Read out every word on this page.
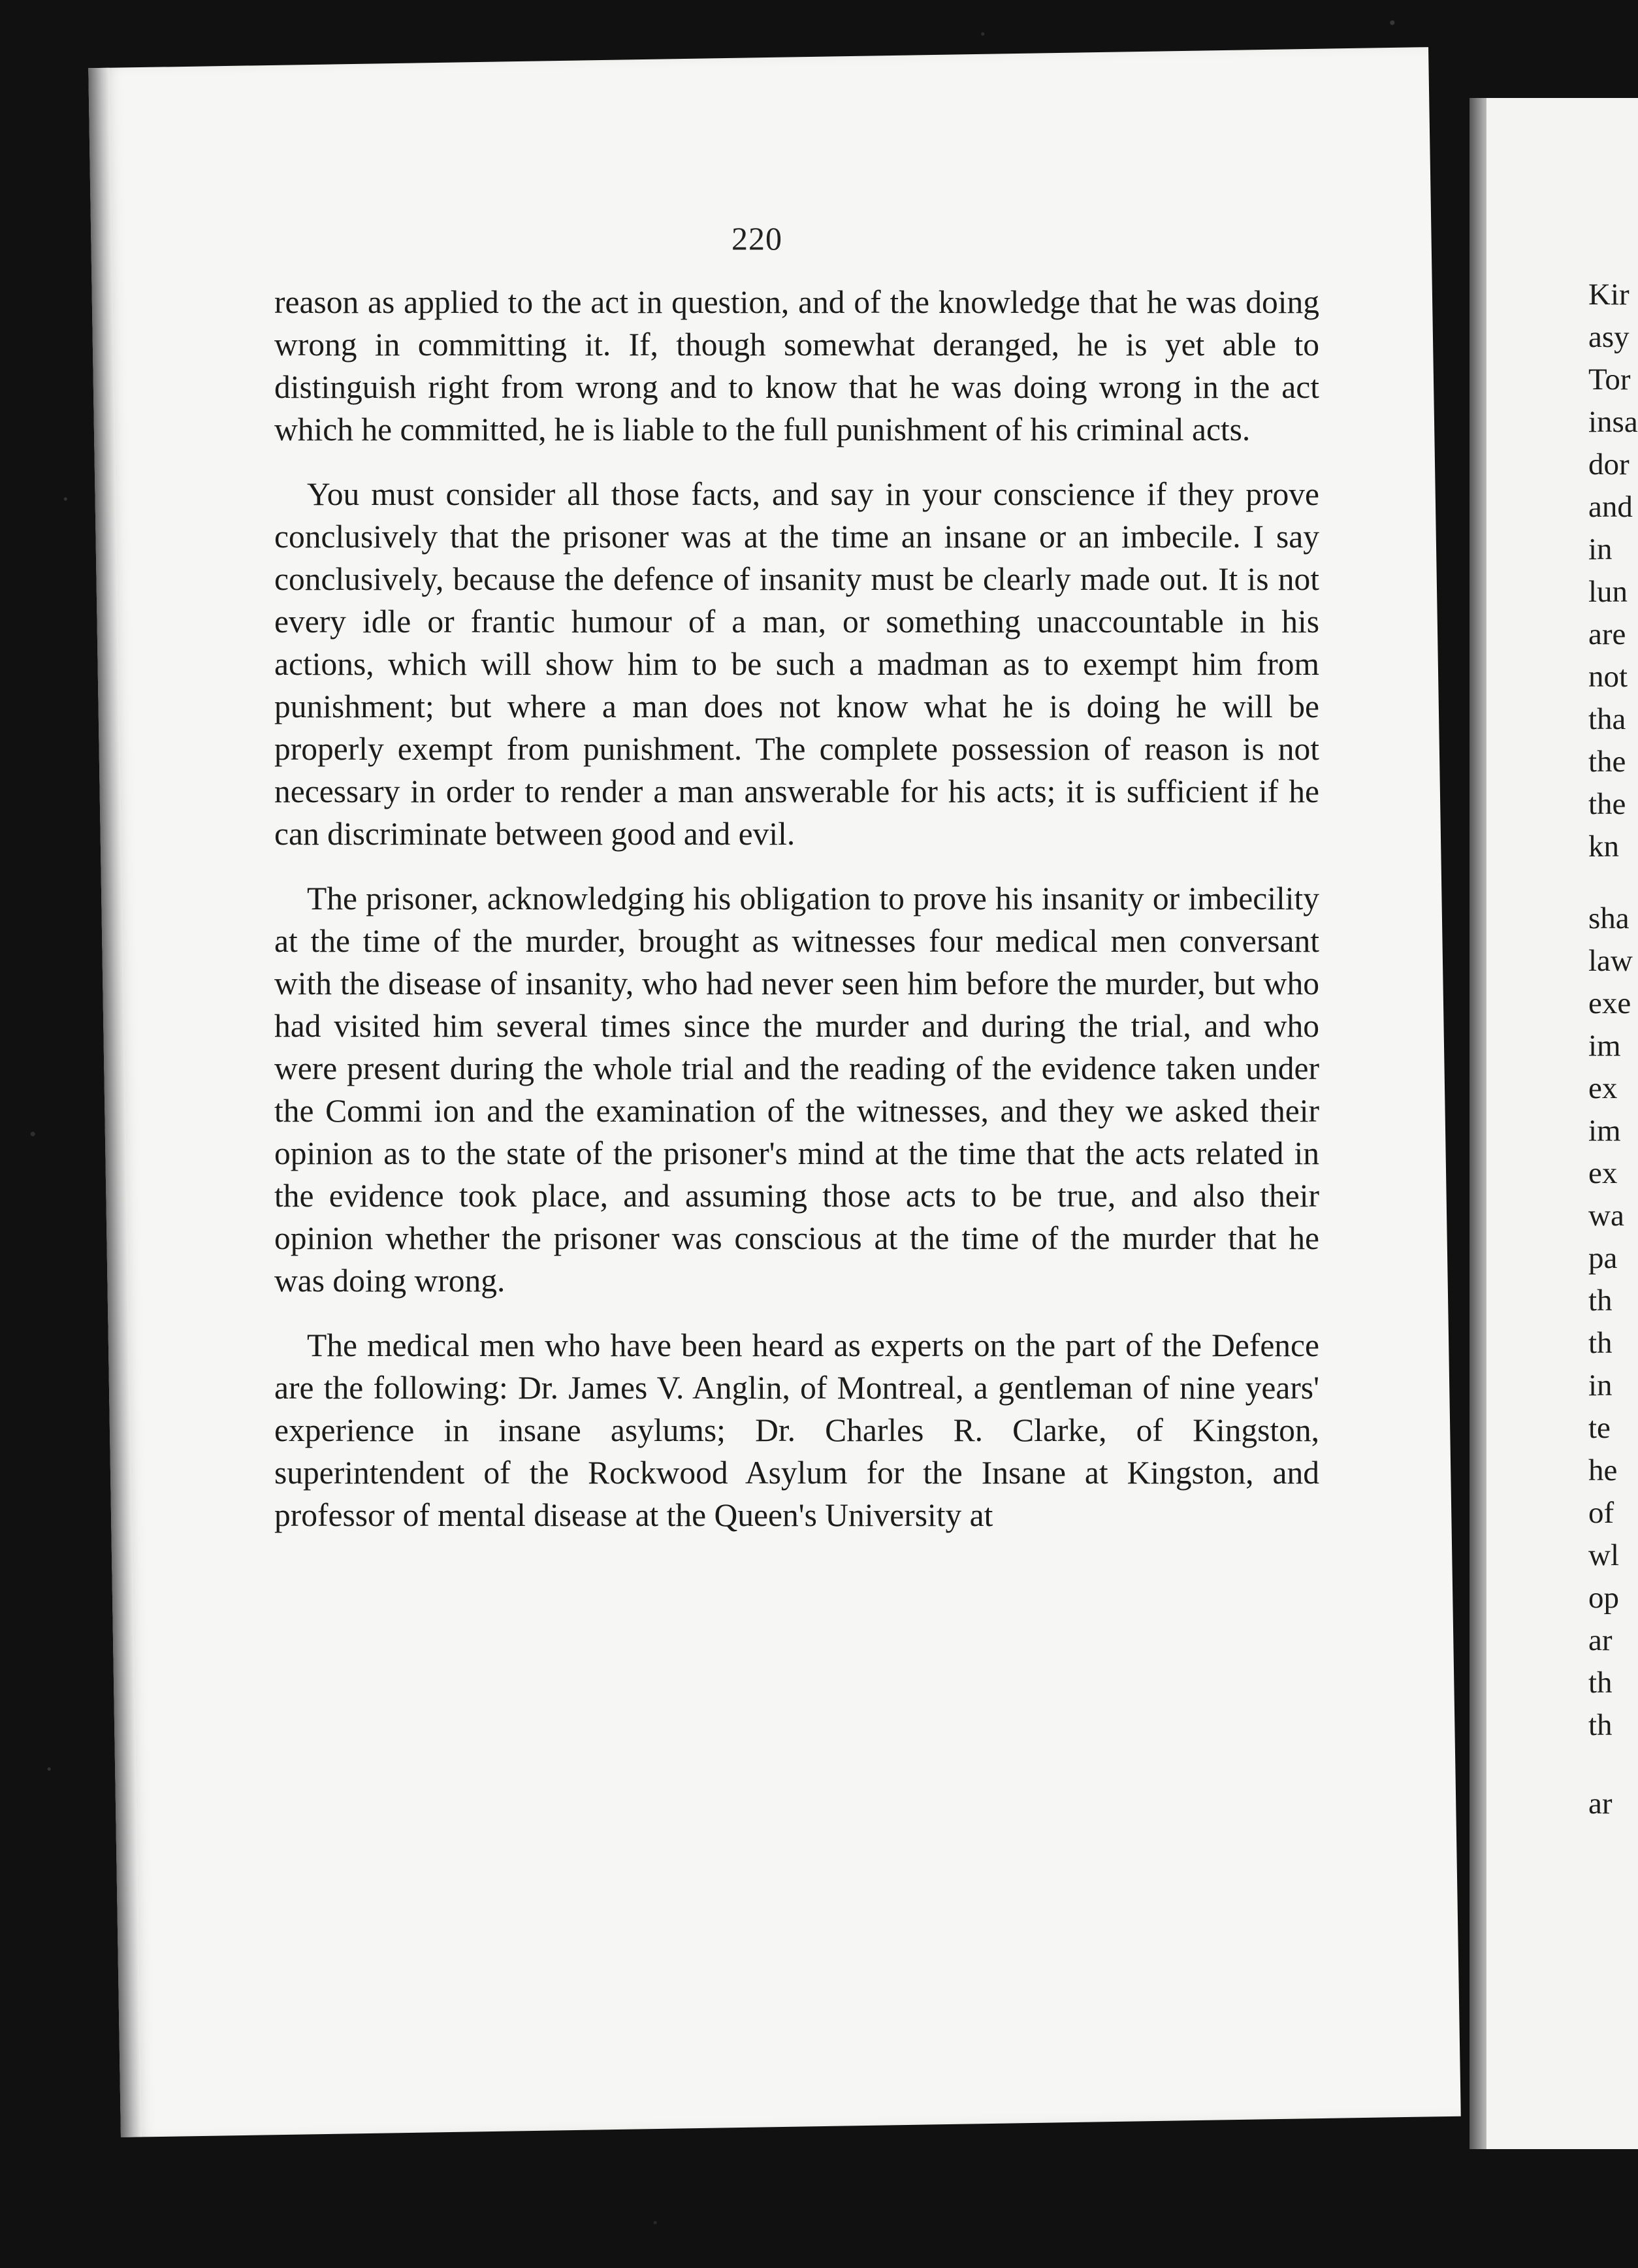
Kir
asy
Tor
insa
dor
and
in
lun
are
not
tha
the
the
kn
sha
law
exe
im
ex
im
ex
wa
pa
th
th
in
te
he
of
wl
op
ar
th
th
ar
220

reason as applied to the act in question, and of the knowledge that he was doing wrong in committing it. If, though somewhat deranged, he is yet able to distinguish right from wrong and to know that he was doing wrong in the act which he committed, he is liable to the full punishment of his criminal acts.

You must consider all those facts, and say in your conscience if they prove conclusively that the prisoner was at the time an insane or an imbecile. I say conclusively, because the defence of insanity must be clearly made out. It is not every idle or frantic humour of a man, or something unaccountable in his actions, which will show him to be such a madman as to exempt him from punishment; but where a man does not know what he is doing he will be properly exempt from punishment. The complete possession of reason is not necessary in order to render a man answerable for his acts; it is sufficient if he can discriminate between good and evil.

The prisoner, acknowledging his obligation to prove his insanity or imbecility at the time of the murder, brought as witnesses four medical men conversant with the disease of insanity, who had never seen him before the murder, but who had visited him several times since the murder and during the trial, and who were present during the whole trial and the reading of the evidence taken under the Commi ion and the examination of the witnesses, and they we asked their opinion as to the state of the prisoner's mind at the time that the acts related in the evidence took place, and assuming those acts to be true, and also their opinion whether the prisoner was conscious at the time of the murder that he was doing wrong.

The medical men who have been heard as experts on the part of the Defence are the following: Dr. James V. Anglin, of Montreal, a gentleman of nine years' experience in insane asylums; Dr. Charles R. Clarke, of Kingston, superintendent of the Rockwood Asylum for the Insane at Kingston, and professor of mental disease at the Queen's University at
